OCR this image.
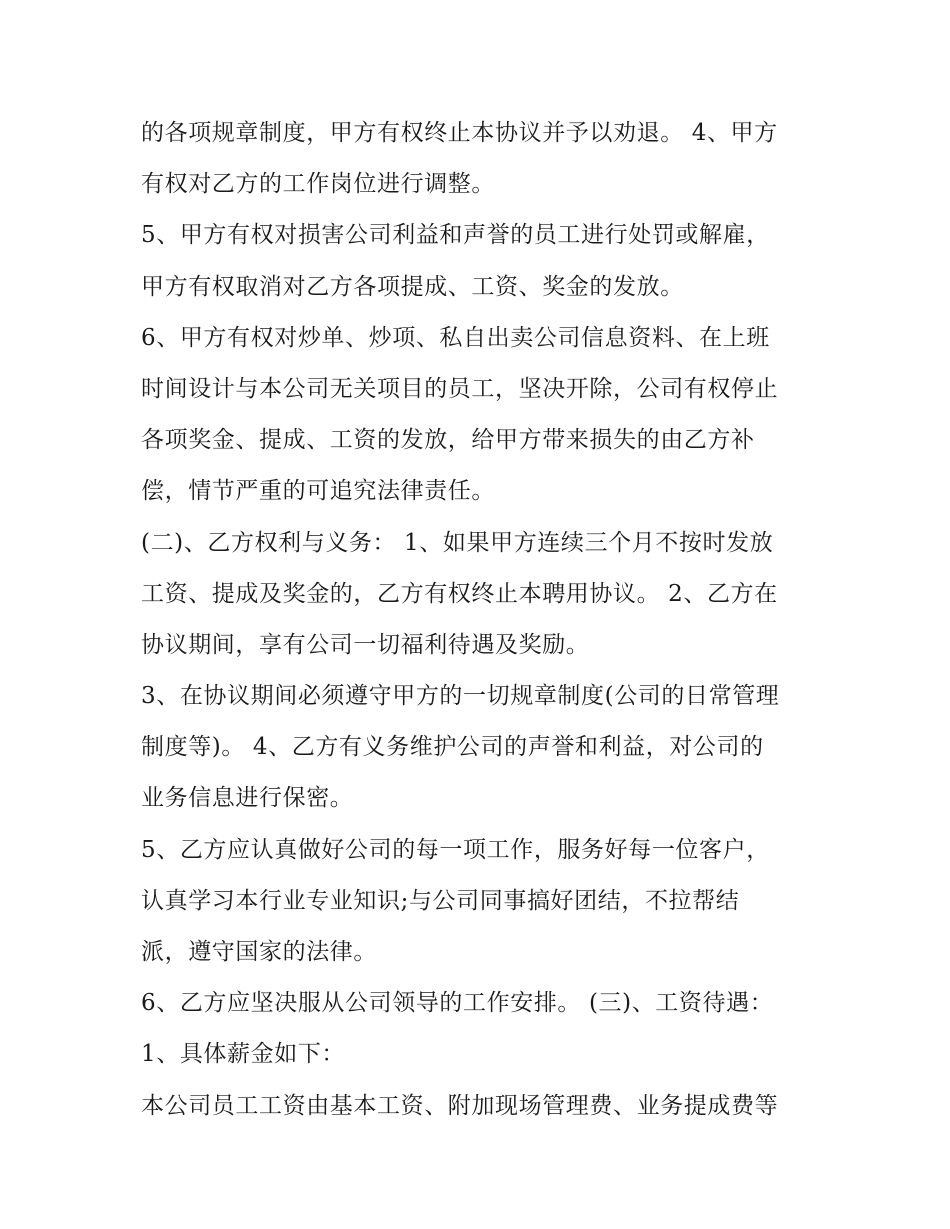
的各项规章制度，甲方有权终止本协议并予以劝退。 4、甲方
有权对乙方的工作岗位进行调整。
5、甲方有权对损害公司利益和声誉的员工进行处罚或解雇，
甲方有权取消对乙方各项提成、工资、奖金的发放。
6、甲方有权对炒单、炒项、私自出卖公司信息资料、在上班
时间设计与本公司无关项目的员工，坚决开除，公司有权停止
各项奖金、提成、工资的发放，给甲方带来损失的由乙方补
偿，情节严重的可追究法律责任。
(二)、乙方权利与义务： 1、如果甲方连续三个月不按时发放
工资、提成及奖金的，乙方有权终止本聘用协议。 2、乙方在
协议期间，享有公司一切福利待遇及奖励。
3、在协议期间必须遵守甲方的一切规章制度(公司的日常管理
制度等)。 4、乙方有义务维护公司的声誉和利益，对公司的
业务信息进行保密。
5、乙方应认真做好公司的每一项工作，服务好每一位客户，
认真学习本行业专业知识;与公司同事搞好团结，不拉帮结
派，遵守国家的法律。
6、乙方应坚决服从公司领导的工作安排。 (三)、工资待遇：
1、具体薪金如下：
本公司员工工资由基本工资、附加现场管理费、业务提成费等
